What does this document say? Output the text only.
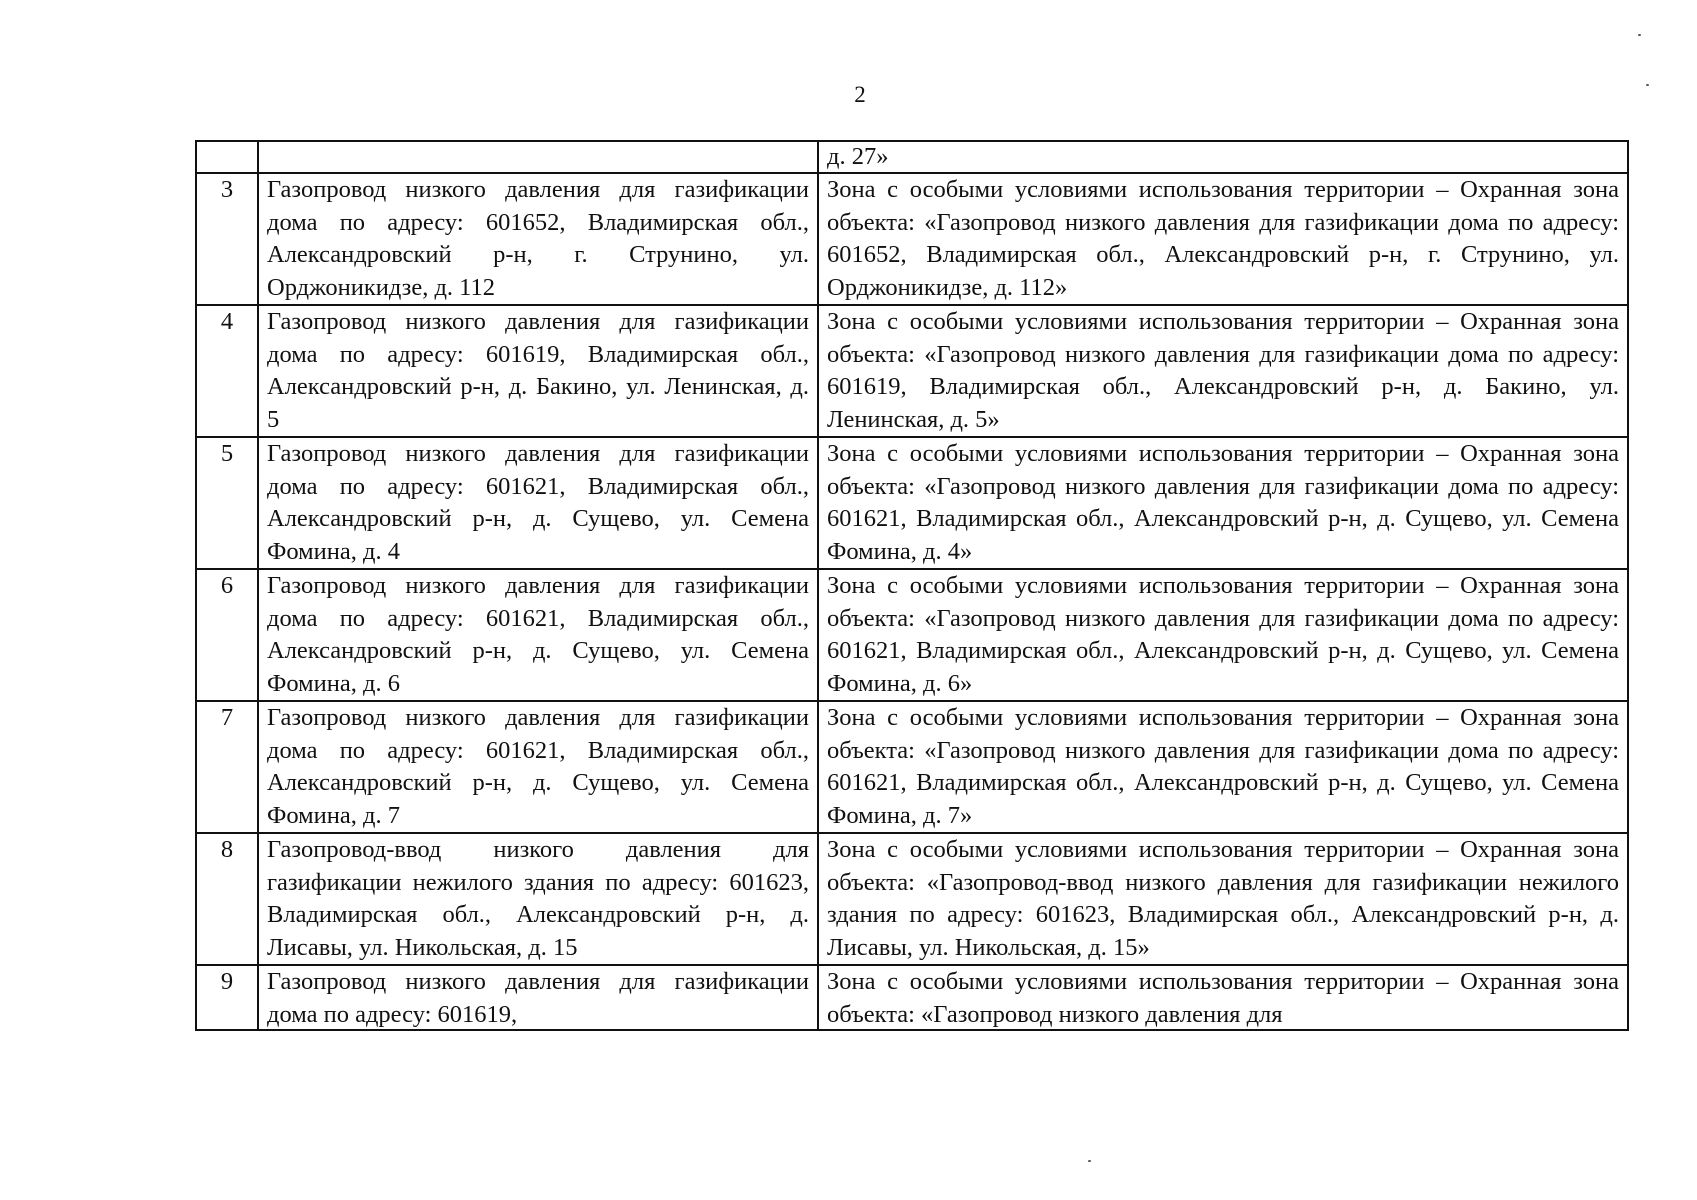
2
		д. 27»
3	Газопровод низкого давления для газификации дома по адресу: 601652, Владимирская обл., Александровский р-н, г. Струнино, ул. Орджоникидзе, д. 112	Зона с особыми условиями использования территории – Охранная зона объекта: «Газопровод низкого давления для газификации дома по адресу: 601652, Владимирская обл., Александровский р-н, г. Струнино, ул. Орджоникидзе, д. 112»
4	Газопровод низкого давления для газификации дома по адресу: 601619, Владимирская обл., Александровский р-н, д. Бакино, ул. Ленинская, д. 5	Зона с особыми условиями использования территории – Охранная зона объекта: «Газопровод низкого давления для газификации дома по адресу: 601619, Владимирская обл., Александровский р-н, д. Бакино, ул. Ленинская, д. 5»
5	Газопровод низкого давления для газификации дома по адресу: 601621, Владимирская обл., Александровский р-н, д. Сущево, ул. Семена Фомина, д. 4	Зона с особыми условиями использования территории – Охранная зона объекта: «Газопровод низкого давления для газификации дома по адресу: 601621, Владимирская обл., Александровский р-н, д. Сущево, ул. Семена Фомина, д. 4»
6	Газопровод низкого давления для газификации дома по адресу: 601621, Владимирская обл., Александровский р-н, д. Сущево, ул. Семена Фомина, д. 6	Зона с особыми условиями использования территории – Охранная зона объекта: «Газопровод низкого давления для газификации дома по адресу: 601621, Владимирская обл., Александровский р-н, д. Сущево, ул. Семена Фомина, д. 6»
7	Газопровод низкого давления для газификации дома по адресу: 601621, Владимирская обл., Александровский р-н, д. Сущево, ул. Семена Фомина, д. 7	Зона с особыми условиями использования территории – Охранная зона объекта: «Газопровод низкого давления для газификации дома по адресу: 601621, Владимирская обл., Александровский р-н, д. Сущево, ул. Семена Фомина, д. 7»
8	Газопровод-ввод низкого давления для газификации нежилого здания по адресу: 601623, Владимирская обл., Александровский р-н, д. Лисавы, ул. Никольская, д. 15	Зона с особыми условиями использования территории – Охранная зона объекта: «Газопровод-ввод низкого давления для газификации нежилого здания по адресу: 601623, Владимирская обл., Александровский р-н, д. Лисавы, ул. Никольская, д. 15»
9	Газопровод низкого давления для газификации дома по адресу: 601619,	Зона с особыми условиями использования территории – Охранная зона объекта: «Газопровод низкого давления для
